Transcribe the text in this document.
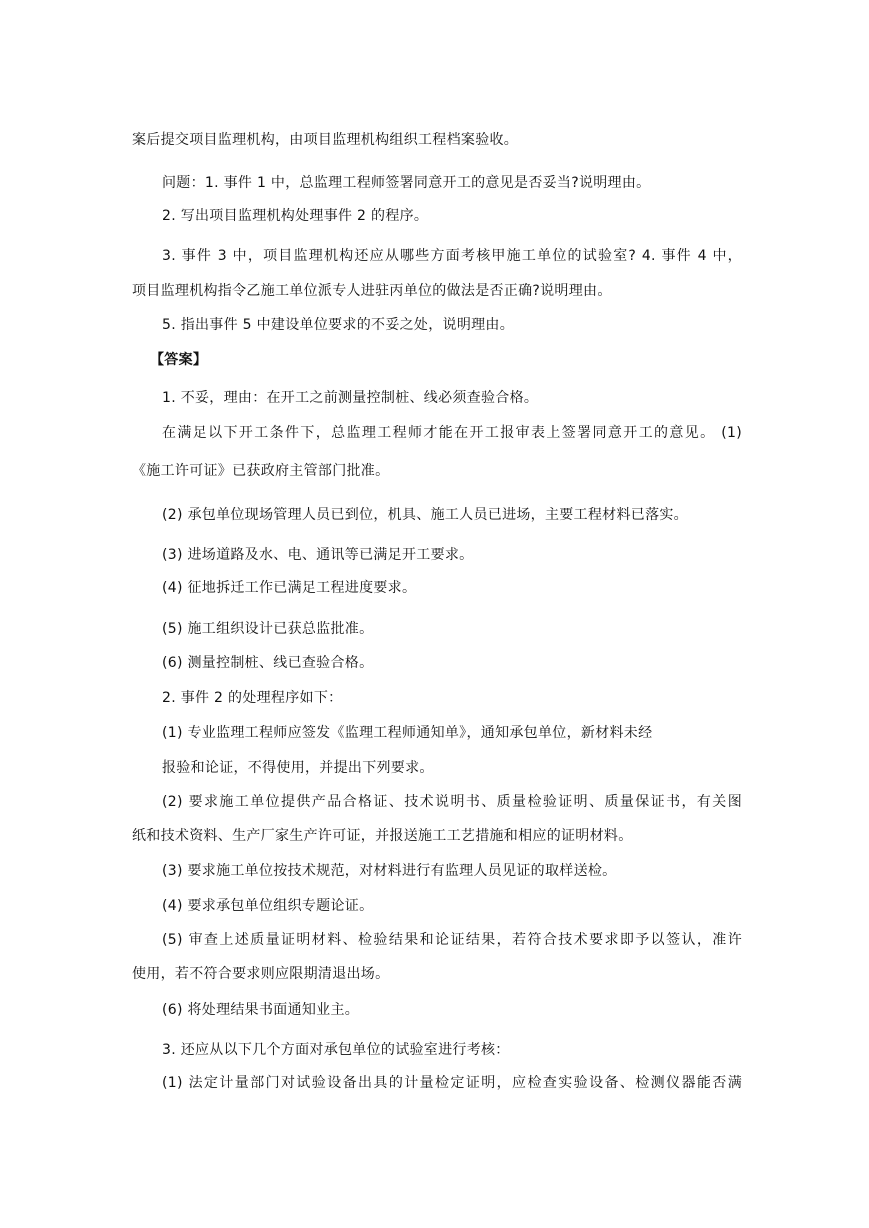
案后提交项目监理机构，由项目监理机构组织工程档案验收。
问题：1. 事件 1 中，总监理工程师签署同意开工的意见是否妥当?说明理由。
2. 写出项目监理机构处理事件 2 的程序。
3. 事件 3 中，项目监理机构还应从哪些方面考核甲施工单位的试验室? 4. 事件 4 中，
项目监理机构指令乙施工单位派专人进驻丙单位的做法是否正确?说明理由。
5. 指出事件 5 中建设单位要求的不妥之处，说明理由。
【答案】
1. 不妥，理由：在开工之前测量控制桩、线必须查验合格。
在满足以下开工条件下，总监理工程师才能在开工报审表上签署同意开工的意见。 (1)
《施工许可证》已获政府主管部门批准。
(2) 承包单位现场管理人员已到位，机具、施工人员已进场，主要工程材料已落实。
(3) 进场道路及水、电、通讯等已满足开工要求。
(4) 征地拆迁工作已满足工程进度要求。
(5) 施工组织设计已获总监批准。
(6) 测量控制桩、线已查验合格。
2. 事件 2 的处理程序如下：
(1) 专业监理工程师应签发《监理工程师通知单》，通知承包单位，新材料未经
报验和论证，不得使用，并提出下列要求。
(2) 要求施工单位提供产品合格证、技术说明书、质量检验证明、质量保证书，有关图
纸和技术资料、生产厂家生产许可证，并报送施工工艺措施和相应的证明材料。
(3) 要求施工单位按技术规范，对材料进行有监理人员见证的取样送检。
(4) 要求承包单位组织专题论证。
(5) 审查上述质量证明材料、检验结果和论证结果，若符合技术要求即予以签认，准许
使用，若不符合要求则应限期清退出场。
(6) 将处理结果书面通知业主。
3. 还应从以下几个方面对承包单位的试验室进行考核：
(1) 法定计量部门对试验设备出具的计量检定证明，应检查实验设备、检测仪器能否满
